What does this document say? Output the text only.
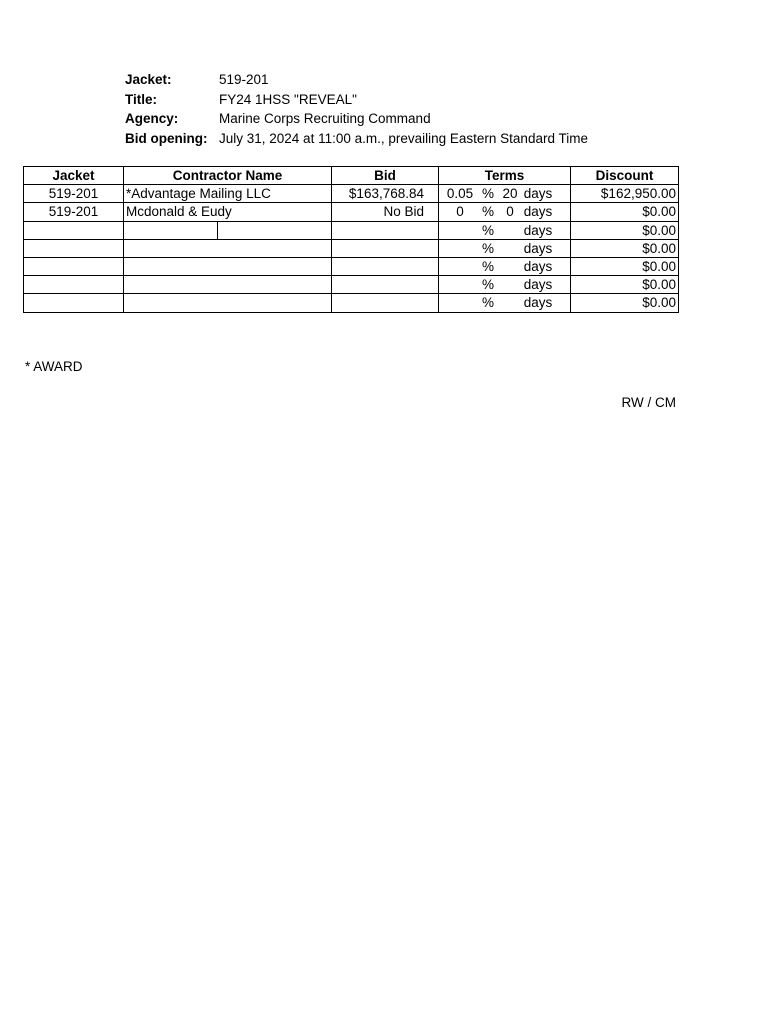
Jacket:	519-201
Title:	FY24 1HSS "REVEAL"
Agency:	Marine Corps Recruiting Command
Bid opening: July 31, 2024 at 11:00 a.m., prevailing Eastern Standard Time
Jacket	Contractor Name	Bid	Terms	Discount
519-201	*Advantage Mailing LLC	$163,768.84	0.05 % 20 days	$162,950.00
519-201	Mcdonald & Eudy	No Bid	0 % 0 days	$0.00

			% days	$0.00

			% days	$0.00

			% days	$0.00

			% days	$0.00

			% days	$0.00
* AWARD
RW / CM
